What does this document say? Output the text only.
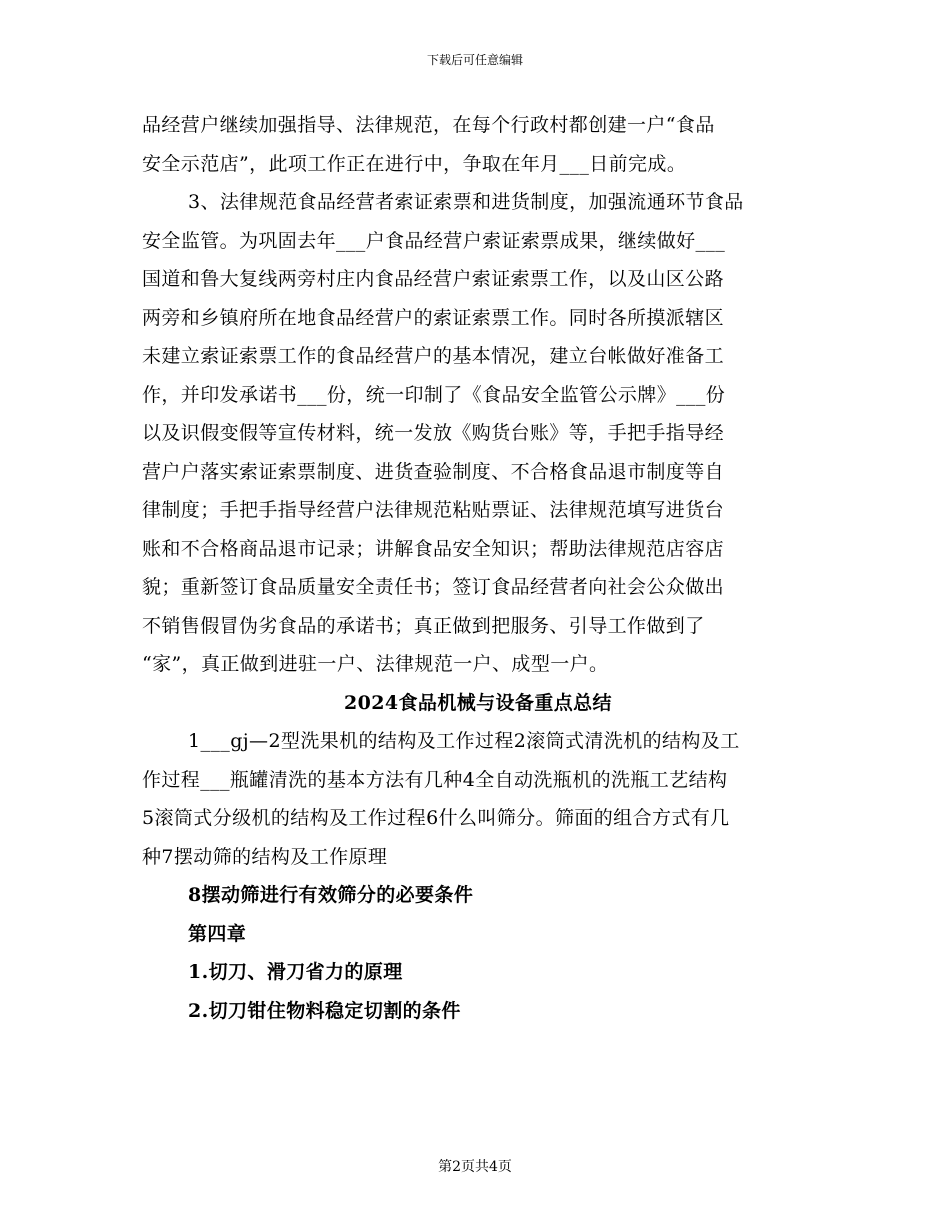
下载后可任意编辑

品经营户继续加强指导、法律规范，在每个行政村都创建一户“食品
安全示范店”，此项工作正在进行中，争取在年月___日前完成。

3、法律规范食品经营者索证索票和进货制度，加强流通环节食品
安全监管。为巩固去年___户食品经营户索证索票成果，继续做好___
国道和鲁大复线两旁村庄内食品经营户索证索票工作，以及山区公路
两旁和乡镇府所在地食品经营户的索证索票工作。同时各所摸派辖区
未建立索证索票工作的食品经营户的基本情况，建立台帐做好准备工
作，并印发承诺书___份，统一印制了《食品安全监管公示牌》___份
以及识假变假等宣传材料，统一发放《购货台账》等，手把手指导经
营户户落实索证索票制度、进货查验制度、不合格食品退市制度等自
律制度；手把手指导经营户法律规范粘贴票证、法律规范填写进货台
账和不合格商品退市记录；讲解食品安全知识；帮助法律规范店容店
貌；重新签订食品质量安全责任书；签订食品经营者向社会公众做出
不销售假冒伪劣食品的承诺书；真正做到把服务、引导工作做到了
“家”，真正做到进驻一户、法律规范一户、成型一户。

2024食品机械与设备重点总结

1___gj—2型洗果机的结构及工作过程2滚筒式清洗机的结构及工
作过程___瓶罐清洗的基本方法有几种4全自动洗瓶机的洗瓶工艺结构
5滚筒式分级机的结构及工作过程6什么叫筛分。筛面的组合方式有几
种7摆动筛的结构及工作原理

8摆动筛进行有效筛分的必要条件

第四章

1.切刀、滑刀省力的原理

2.切刀钳住物料稳定切割的条件

第2页共4页
